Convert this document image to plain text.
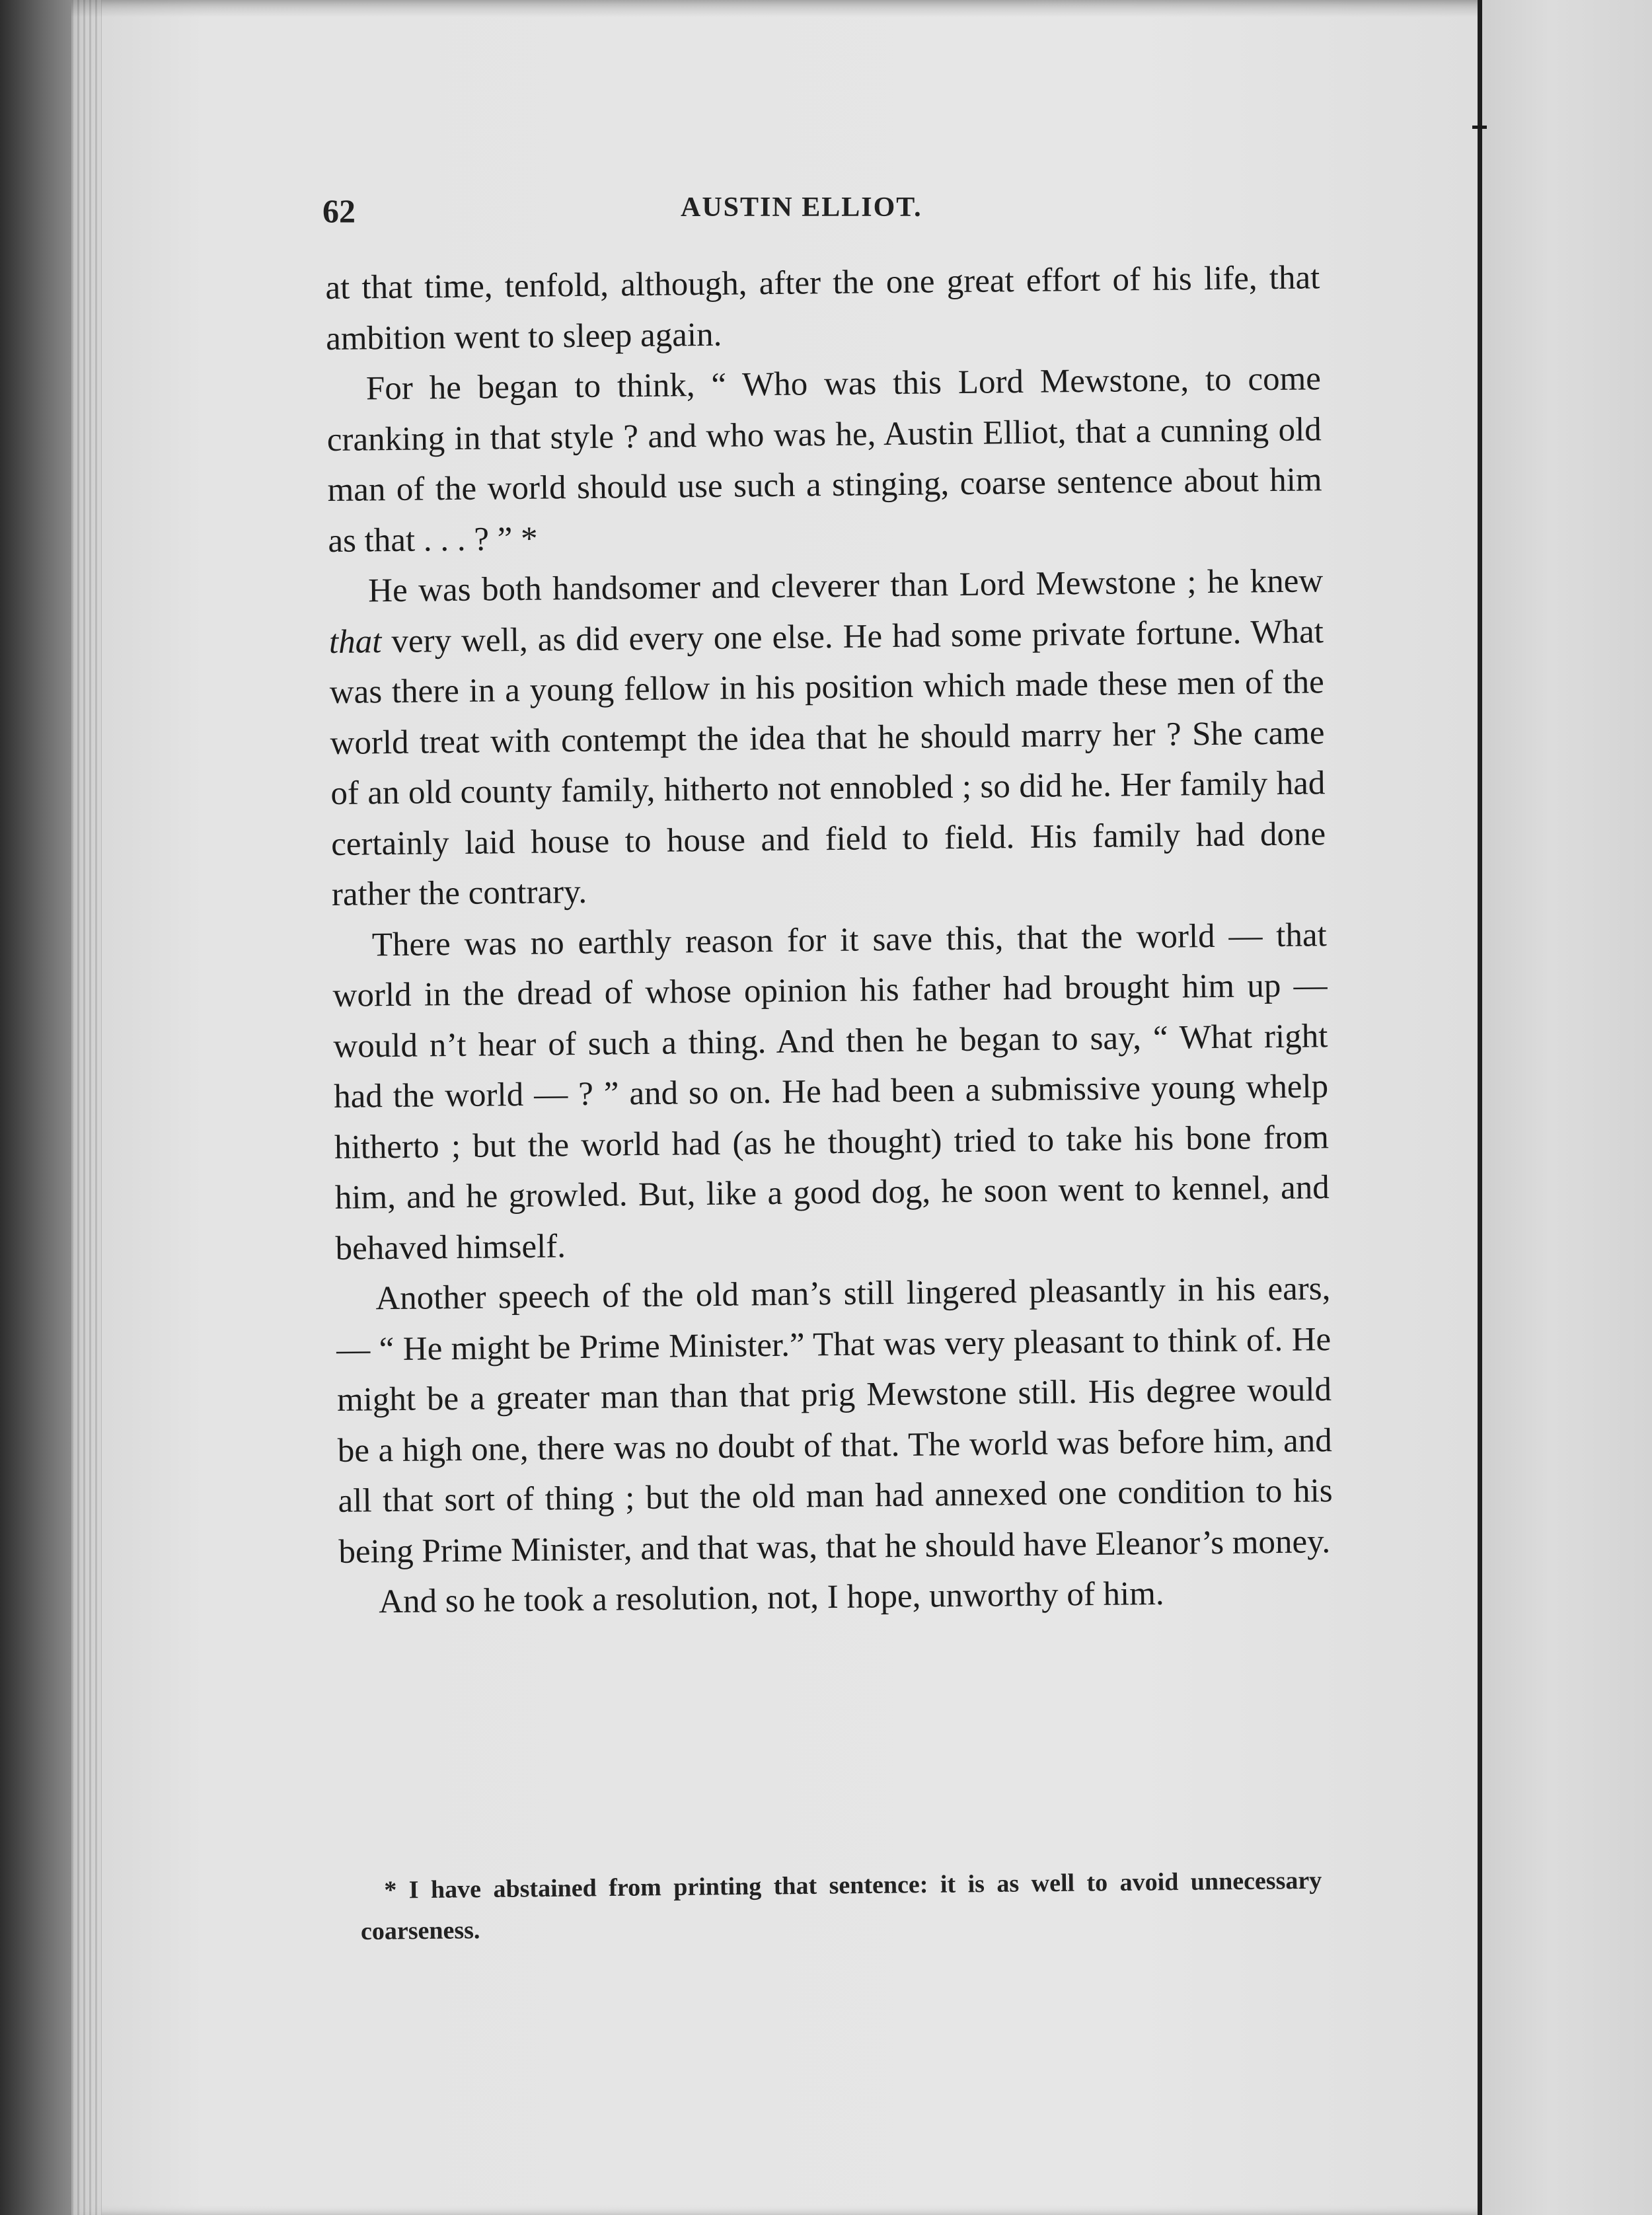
62	AUSTIN ELLIOT.

at that time, tenfold, although, after the one great effort of his life, that ambition went to sleep again.

For he began to think, “ Who was this Lord Mewstone, to come cranking in that style ? and who was he, Austin Elliot, that a cunning old man of the world should use such a stinging, coarse sentence about him as that . . . ? ” *

He was both handsomer and cleverer than Lord Mewstone ; he knew that very well, as did every one else. He had some private fortune. What was there in a young fellow in his position which made these men of the world treat with contempt the idea that he should marry her ? She came of an old county family, hitherto not ennobled ; so did he. Her family had certainly laid house to house and field to field. His family had done rather the contrary.

There was no earthly reason for it save this, that the world — that world in the dread of whose opinion his father had brought him up — would n’t hear of such a thing. And then he began to say, “ What right had the world — ? ” and so on. He had been a submissive young whelp hitherto ; but the world had (as he thought) tried to take his bone from him, and he growled. But, like a good dog, he soon went to kennel, and behaved himself.

Another speech of the old man’s still lingered pleasantly in his ears, — “ He might be Prime Minister.” That was very pleasant to think of. He might be a greater man than that prig Mewstone still. His degree would be a high one, there was no doubt of that. The world was before him, and all that sort of thing ; but the old man had annexed one condition to his being Prime Minister, and that was, that he should have Eleanor’s money.

And so he took a resolution, not, I hope, unworthy of him.

* I have abstained from printing that sentence: it is as well to avoid unnecessary coarseness.
